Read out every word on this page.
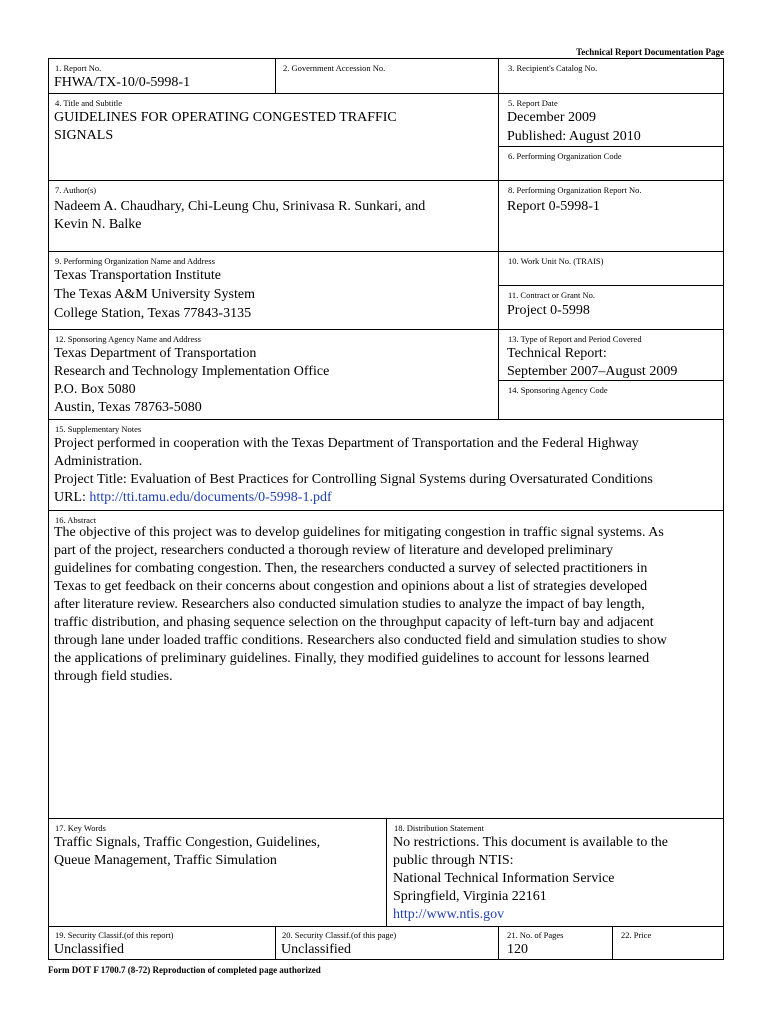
Technical Report Documentation Page
1. Report No.
FHWA/TX-10/0-5998-1
2. Government Accession No.	3. Recipient's Catalog No.
4. Title and Subtitle
GUIDELINES FOR OPERATING CONGESTED TRAFFIC
SIGNALS
5. Report Date
December 2009
Published: August 2010
6. Performing Organization Code
7. Author(s)
Nadeem A. Chaudhary, Chi-Leung Chu, Srinivasa R. Sunkari, and
Kevin N. Balke
8. Performing Organization Report No.
Report 0-5998-1
9. Performing Organization Name and Address
Texas Transportation Institute
The Texas A&M University System
College Station, Texas 77843-3135
10. Work Unit No. (TRAIS)
11. Contract or Grant No.
Project 0-5998
12. Sponsoring Agency Name and Address
Texas Department of Transportation
Research and Technology Implementation Office
P.O. Box 5080
Austin, Texas 78763-5080
13. Type of Report and Period Covered
Technical Report:
September 2007–August 2009
14. Sponsoring Agency Code
15. Supplementary Notes
Project performed in cooperation with the Texas Department of Transportation and the Federal Highway
Administration.
Project Title: Evaluation of Best Practices for Controlling Signal Systems during Oversaturated Conditions
URL: http://tti.tamu.edu/documents/0-5998-1.pdf
16. Abstract
The objective of this project was to develop guidelines for mitigating congestion in traffic signal systems. As
part of the project, researchers conducted a thorough review of literature and developed preliminary
guidelines for combating congestion. Then, the researchers conducted a survey of selected practitioners in
Texas to get feedback on their concerns about congestion and opinions about a list of strategies developed
after literature review. Researchers also conducted simulation studies to analyze the impact of bay length,
traffic distribution, and phasing sequence selection on the throughput capacity of left-turn bay and adjacent
through lane under loaded traffic conditions. Researchers also conducted field and simulation studies to show
the applications of preliminary guidelines. Finally, they modified guidelines to account for lessons learned
through field studies.
17. Key Words
Traffic Signals, Traffic Congestion, Guidelines,
Queue Management, Traffic Simulation
18. Distribution Statement
No restrictions. This document is available to the
public through NTIS:
National Technical Information Service
Springfield, Virginia 22161
http://www.ntis.gov
19. Security Classif.(of this report)
Unclassified
20. Security Classif.(of this page)
Unclassified
21. No. of Pages
120
22. Price
Form DOT F 1700.7 (8-72) Reproduction of completed page authorized
